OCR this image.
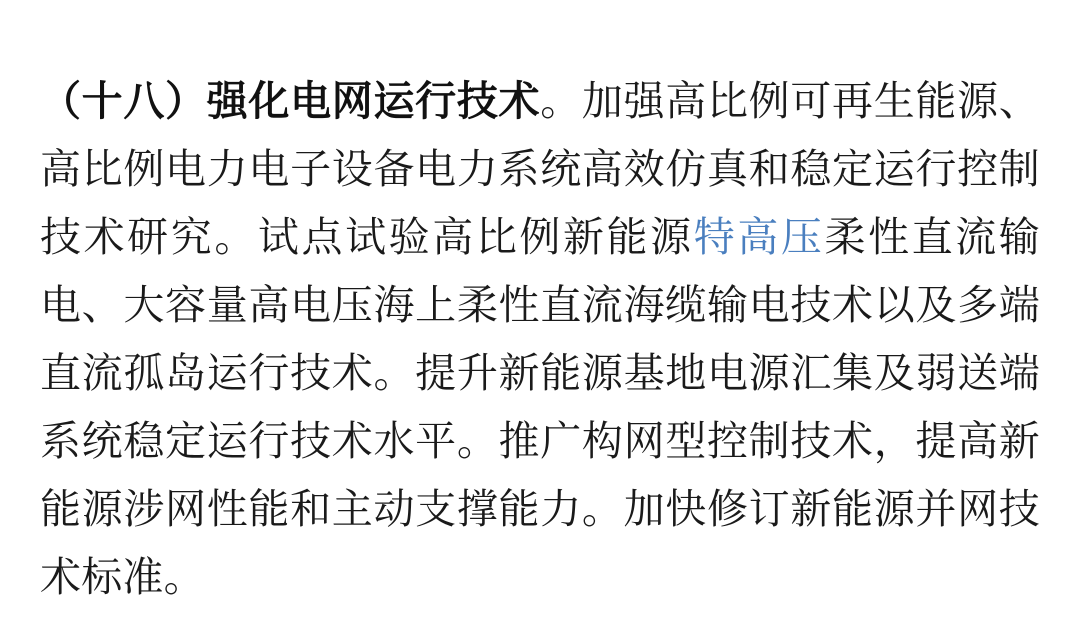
（十八）强化电网运行技术。加强高比例可再生能源、高比例电力电子设备电力系统高效仿真和稳定运行控制技术研究。试点试验高比例新能源特高压柔性直流输电、大容量高电压海上柔性直流海缆输电技术以及多端直流孤岛运行技术。提升新能源基地电源汇集及弱送端系统稳定运行技术水平。推广构网型控制技术，提高新能源涉网性能和主动支撑能力。加快修订新能源并网技术标准。
